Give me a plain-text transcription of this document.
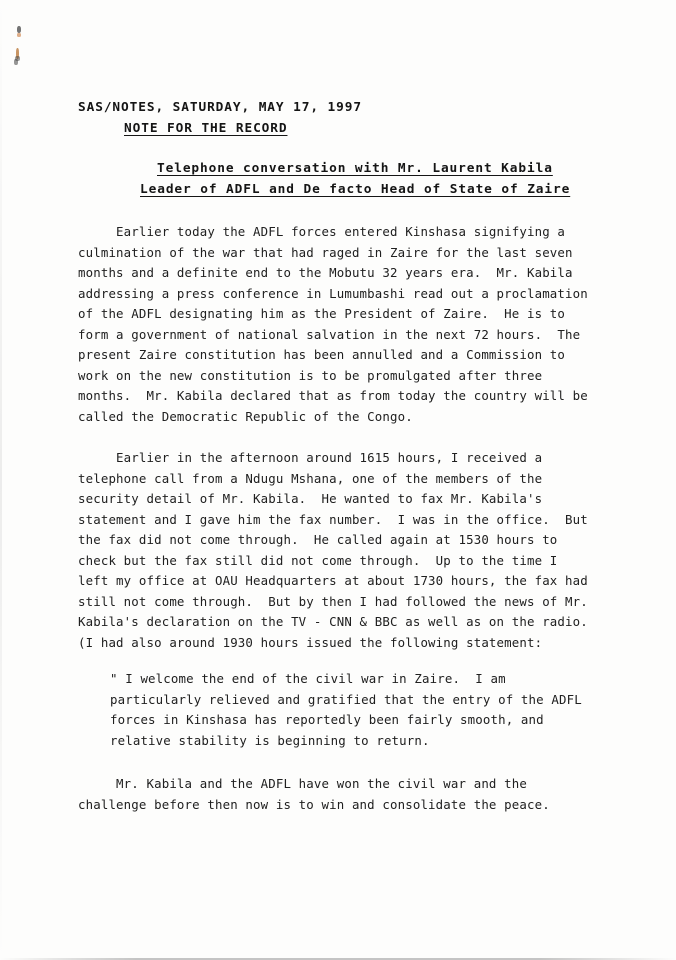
SAS/NOTES, SATURDAY, MAY 17, 1997
NOTE FOR THE RECORD
Telephone conversation with Mr. Laurent Kabila
Leader of ADFL and De facto Head of State of Zaire
Earlier today the ADFL forces entered Kinshasa signifying a
culmination of the war that had raged in Zaire for the last seven
months and a definite end to the Mobutu 32 years era.  Mr. Kabila
addressing a press conference in Lumumbashi read out a proclamation
of the ADFL designating him as the President of Zaire.  He is to
form a government of national salvation in the next 72 hours.  The
present Zaire constitution has been annulled and a Commission to
work on the new constitution is to be promulgated after three
months.  Mr. Kabila declared that as from today the country will be
called the Democratic Republic of the Congo.
Earlier in the afternoon around 1615 hours, I received a
telephone call from a Ndugu Mshana, one of the members of the
security detail of Mr. Kabila.  He wanted to fax Mr. Kabila's
statement and I gave him the fax number.  I was in the office.  But
the fax did not come through.  He called again at 1530 hours to
check but the fax still did not come through.  Up to the time I
left my office at OAU Headquarters at about 1730 hours, the fax had
still not come through.  But by then I had followed the news of Mr.
Kabila's declaration on the TV - CNN & BBC as well as on the radio.
(I had also around 1930 hours issued the following statement:
" I welcome the end of the civil war in Zaire.  I am
particularly relieved and gratified that the entry of the ADFL
forces in Kinshasa has reportedly been fairly smooth, and
relative stability is beginning to return.
Mr. Kabila and the ADFL have won the civil war and the
challenge before then now is to win and consolidate the peace.
